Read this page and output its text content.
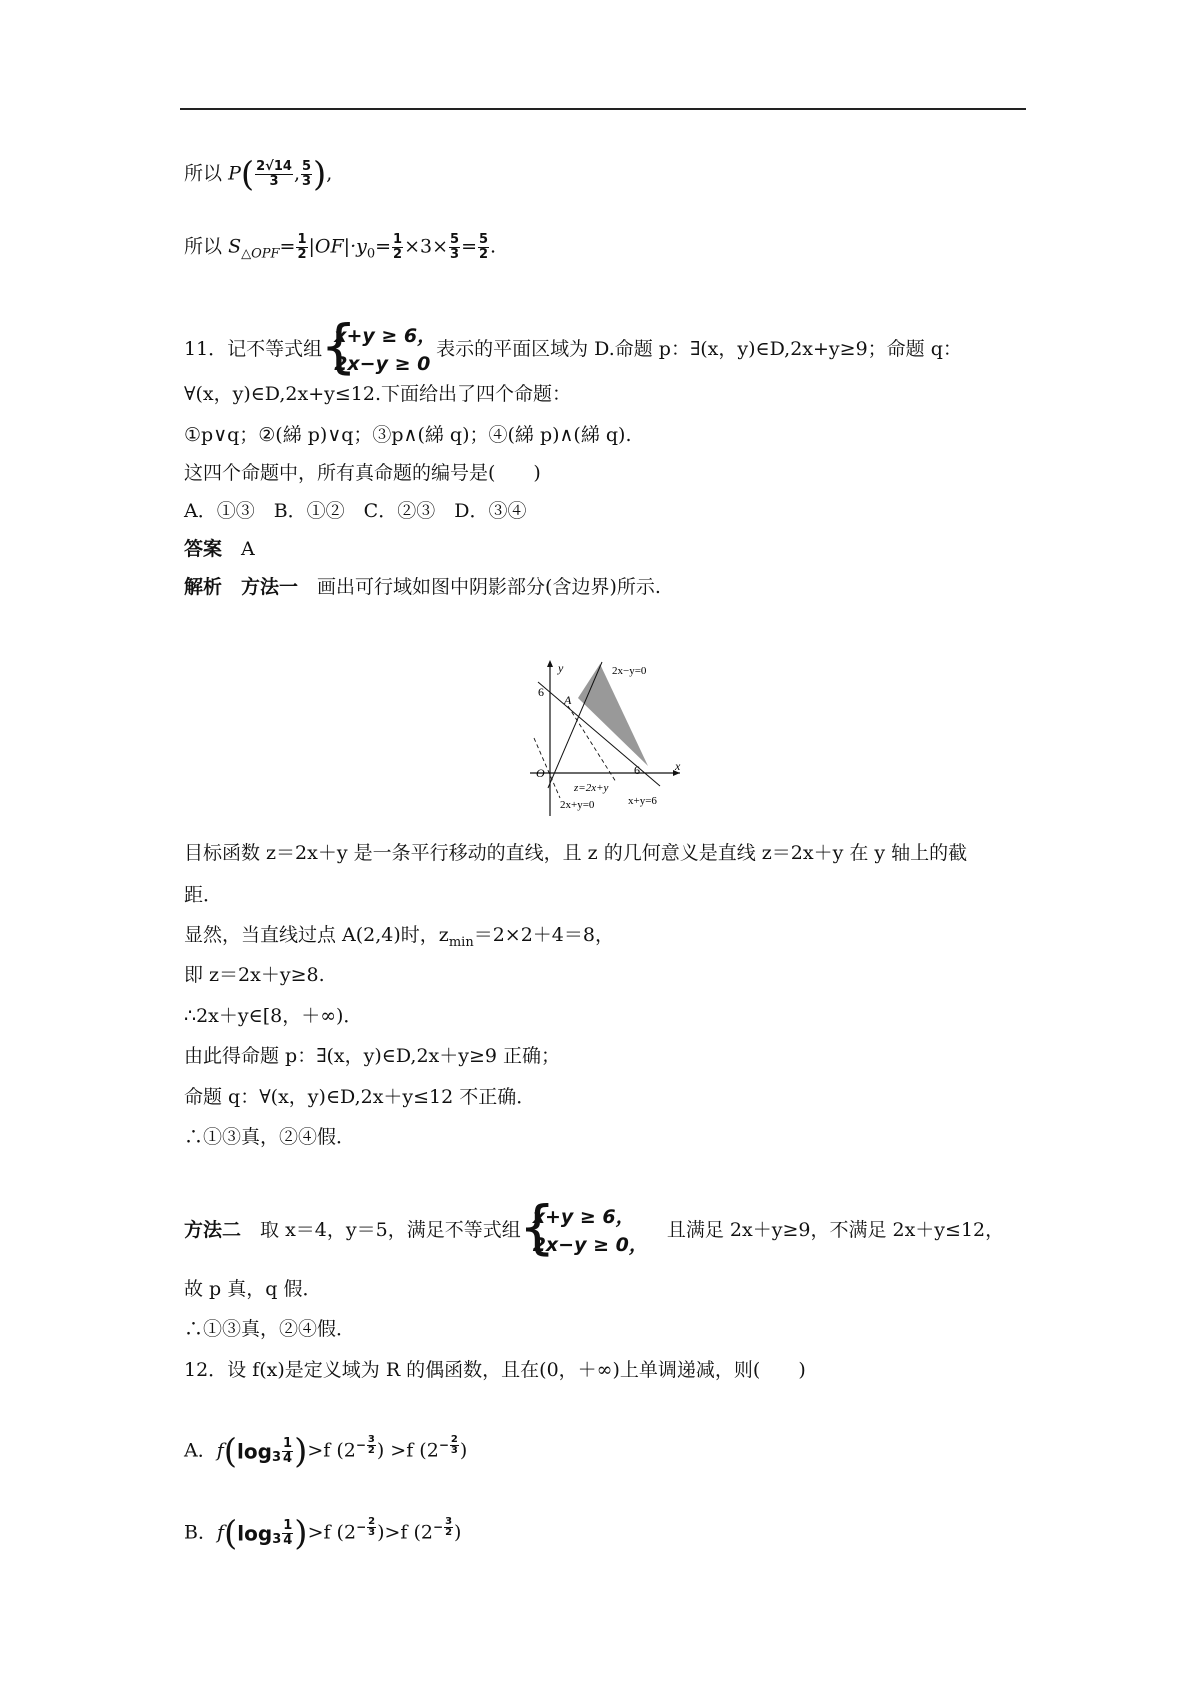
所以 $P( \frac{2√14}{3}$ , $\frac{5}{3}$ ),
所以 $S_{\triangle OPF}= \frac{1}{2} |OF|\cdot y_0= \frac{1}{2} \times 3\times \frac{5}{3} = \frac{5}{2}$ .
11．记不等式组
{
x+y ≥ 6，
2x−y ≥ 0
表示的平面区域为 D.命题 p：∃(x，y)∈D,2x+y≥9；命题 q：
∀(x，y)∈D,2x+y≤12.下面给出了四个命题：
①p∨q；②(綈 p)∨q；③p∧(綈 q)；④(綈 p)∧(綈 q).
这四个命题中，所有真命题的编号是(　　)
A．①③　B．①②　C．②③　D．③④
答案　 A
解析　方法一　 画出可行域如图中阴影部分(含边界)所示.
y
x
6
6
A
O
2x−y=0
z=2x+y
2x+y=0	x+y=6
目标函数 z＝2x＋y 是一条平行移动的直线，且 z 的几何意义是直线 z＝2x＋y 在 y 轴上的截
距．
显然，当直线过点 A(2,4)时，$z_{min}=2\times 2+4=8$，
即 z＝2x＋y≥8.
∴2x＋y∈[8，＋∞)．
由此得命题 p：∃(x，y)∈D,2x＋y≥9 正确；
命题 q：∀(x，y)∈D,2x＋y≤12 不正确．
∴①③真，②④假．
方法二　 取 x＝4，y＝5，满足不等式组
{
x+y ≥ 6，
2x−y ≥ 0，
　且满足 2x＋y≥9，不满足 2x＋y≤12，
故 p 真，q 假．
∴①③真，②④假．
12．设 f(x)是定义域为 R 的偶函数，且在(0，＋∞)上单调递减，则(　　)
A．$f(\log_3 \frac{1}{4} )>f$ ($2^{- \frac{3}{2}}$ ) >f ($2^{- \frac{2}{3}}$ )
B．$f(\log_3 \frac{1}{4} )>f$ ($2^{- \frac{2}{3}}$ )>f ($2^{- \frac{3}{2}}$ )
